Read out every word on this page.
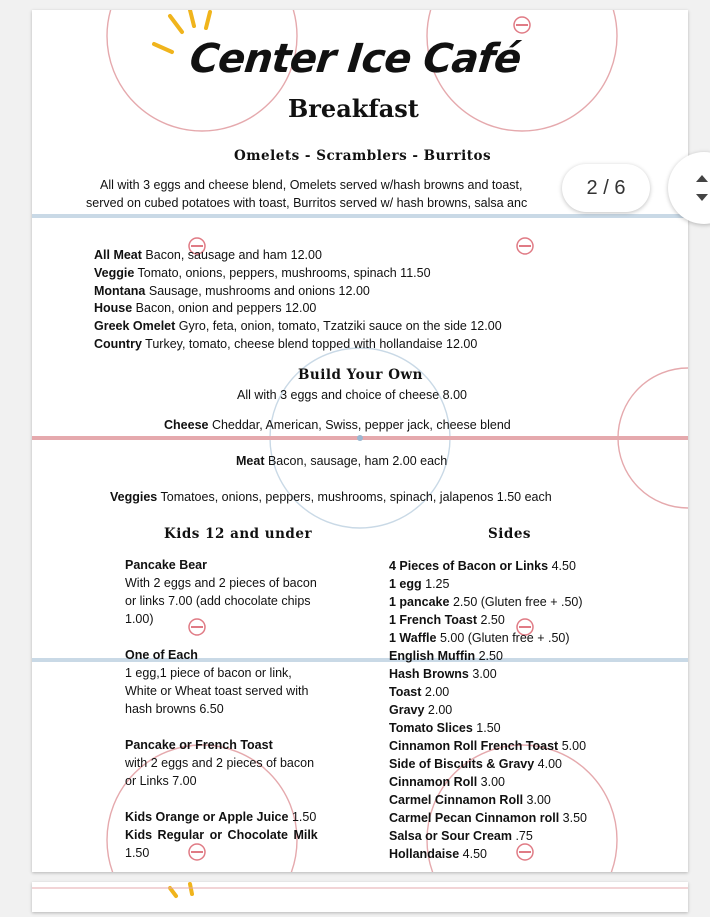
Center Ice Café
Breakfast
Omelets - Scramblers - Burritos
All with 3 eggs and cheese blend, Omelets served w/hash browns and toast,
served on cubed potatoes with toast, Burritos served w/ hash browns, salsa anc
All Meat Bacon, sausage and ham 12.00
Veggie Tomato, onions, peppers, mushrooms, spinach 11.50
Montana Sausage, mushrooms and onions 12.00
House Bacon, onion and peppers 12.00
Greek Omelet Gyro, feta, onion, tomato, Tzatziki sauce on the side 12.00
Country Turkey, tomato, cheese blend topped with hollandaise 12.00
Build Your Own
All with 3 eggs and choice of cheese 8.00
Cheese Cheddar, American, Swiss, pepper jack, cheese blend
Meat Bacon, sausage, ham 2.00 each
Veggies Tomatoes, onions, peppers, mushrooms, spinach, jalapenos 1.50 each
Kids 12 and under	Sides
Pancake Bear
With 2 eggs and 2 pieces of bacon
or links 7.00 (add chocolate chips
1.00)
One of Each
1 egg,1 piece of bacon or link,
White or Wheat toast served with
hash browns 6.50
Pancake or French Toast
with 2 eggs and 2 pieces of bacon
or Links 7.00
Kids Orange or Apple Juice 1.50
Kids Regular or Chocolate Milk
1.50
4 Pieces of Bacon or Links 4.50
1 egg 1.25
1 pancake 2.50 (Gluten free + .50)
1 French Toast 2.50
1 Waffle 5.00 (Gluten free + .50)
English Muffin 2.50
Hash Browns 3.00
Toast 2.00
Gravy 2.00
Tomato Slices 1.50
Cinnamon Roll French Toast 5.00
Side of Biscuits & Gravy 4.00
Cinnamon Roll 3.00
Carmel Cinnamon Roll 3.00
Carmel Pecan Cinnamon roll 3.50
Salsa or Sour Cream .75
Hollandaise 4.50
2 / 6
